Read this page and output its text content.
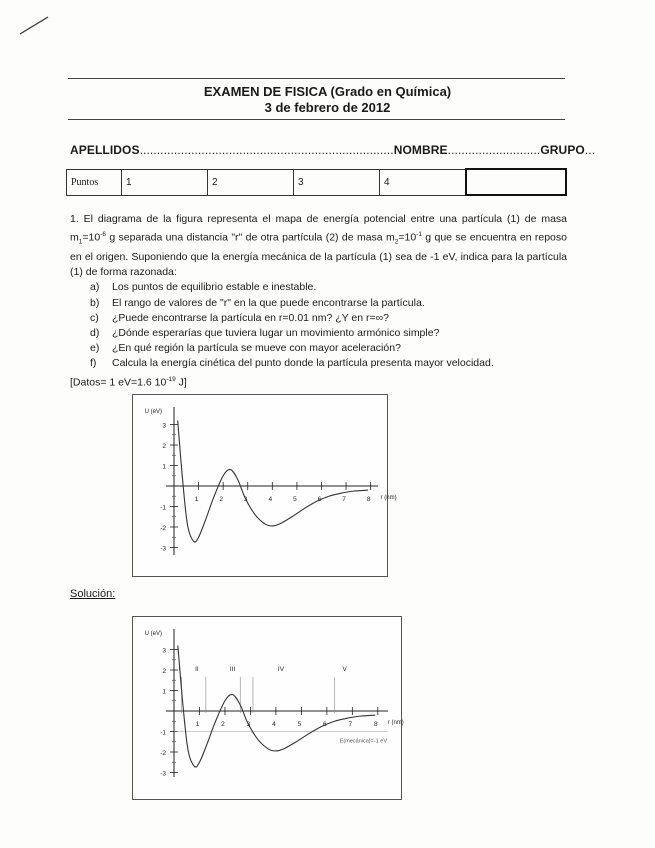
EXAMEN DE FISICA (Grado en Química)
3 de febrero de 2012
APELLIDOS..........................................................................NOMBRE...........................GRUPO...
Puntos	1	2	3	4	

1. El diagrama de la figura representa el mapa de energía potencial entre una partícula (1) de masa $m_1=10^{-6}$ g separada una distancia "r" de otra partícula (2) de masa $m_2=10^{-1}$ g que se encuentra en reposo en el origen. Suponiendo que la energía mecánica de la partícula (1) sea de -1 eV, indica para la partícula (1) de forma razonada:

a) Los puntos de equilibrio estable e inestable.
b) El rango de valores de "r" en la que puede encontrarse la partícula.
c) ¿Puede encontrarse la partícula en r=0.01 nm? ¿Y en r=∞?
d) ¿Dónde esperarías que tuviera lugar un movimiento armónico simple?
e) ¿En qué región la partícula se mueve con mayor aceleración?
f) Calcula la energía cinética del punto donde la partícula presenta mayor velocidad.

[Datos= 1 eV=1.6 $10^{-19}$ J]

U (eV)
r (nm)
3
2
1
-1
-2
-3
1	2	3	4	5	6	7	8
Solución:
U (eV)
r (nm)
3
2
1
-1
-2
-3
1	2	3	4	5	6	7	8
I II	III	IV	V
E(mecánica)=-1 eV
